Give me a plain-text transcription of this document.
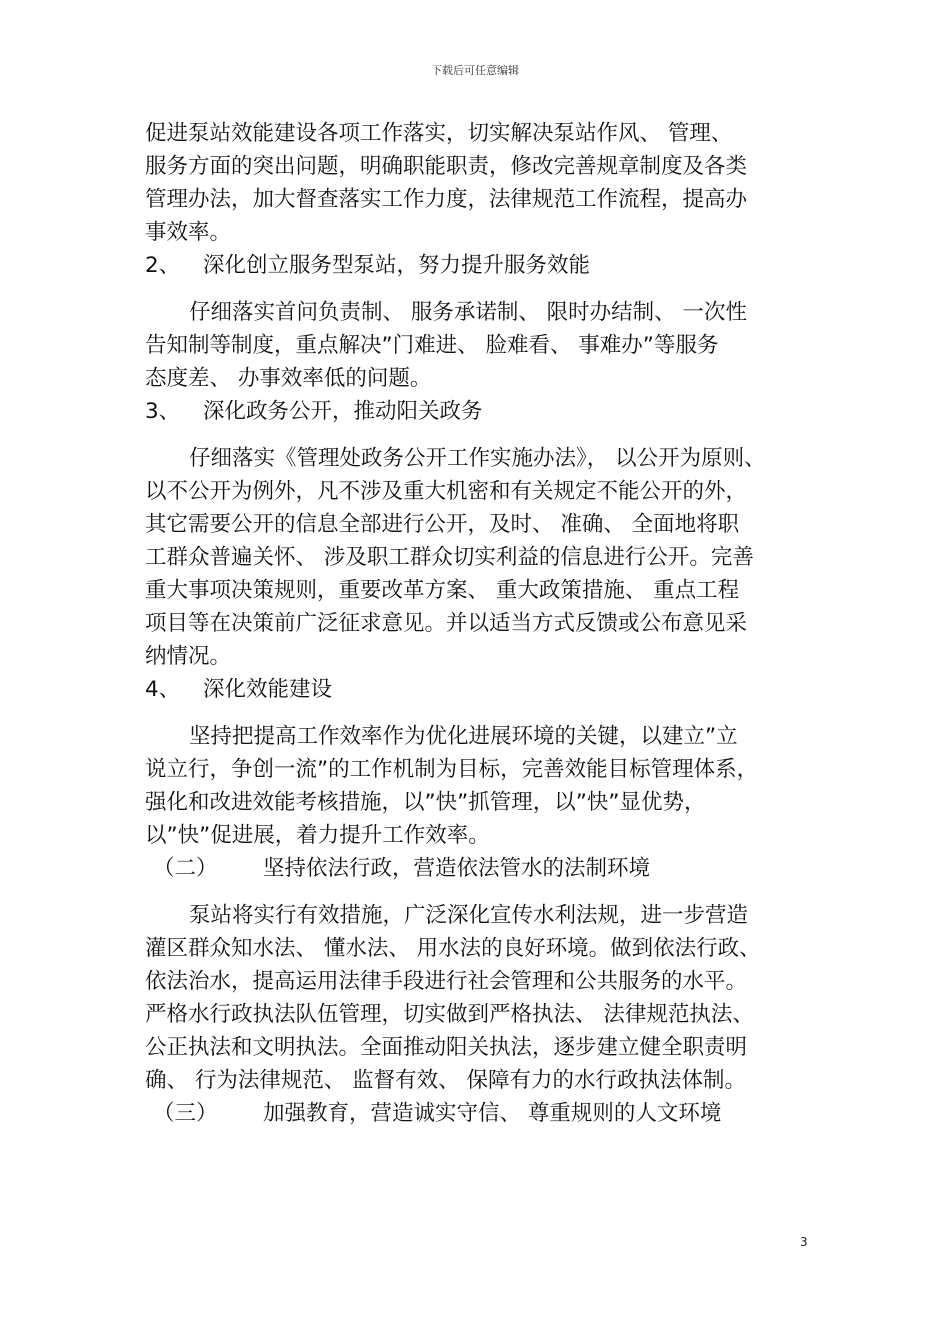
下载后可任意编辑
促进泵站效能建设各项工作落实，切实解决泵站作风、 管理、
服务方面的突出问题，明确职能职责，修改完善规章制度及各类
管理办法，加大督查落实工作力度，法律规范工作流程，提高办
事效率。
2、	深化创立服务型泵站，努力提升服务效能
仔细落实首问负责制、 服务承诺制、 限时办结制、 一次性
告知制等制度，重点解决”门难进、 脸难看、 事难办”等服务
态度差、 办事效率低的问题。
3、	深化政务公开，推动阳关政务
仔细落实《管理处政务公开工作实施办法》， 以公开为原则、
以不公开为例外，凡不涉及重大机密和有关规定不能公开的外，
其它需要公开的信息全部进行公开，及时、 准确、 全面地将职
工群众普遍关怀、 涉及职工群众切实利益的信息进行公开。完善
重大事项决策规则，重要改革方案、 重大政策措施、 重点工程
项目等在决策前广泛征求意见。并以适当方式反馈或公布意见采
纳情况。
4、	深化效能建设
坚持把提高工作效率作为优化进展环境的关键，以建立”立
说立行，争创一流”的工作机制为目标，完善效能目标管理体系，
强化和改进效能考核措施，以”快”抓管理，以”快”显优势，
以”快”促进展，着力提升工作效率。
（二）	坚持依法行政，营造依法管水的法制环境
泵站将实行有效措施，广泛深化宣传水利法规，进一步营造
灌区群众知水法、 懂水法、 用水法的良好环境。做到依法行政、
依法治水，提高运用法律手段进行社会管理和公共服务的水平。
严格水行政执法队伍管理，切实做到严格执法、 法律规范执法、
公正执法和文明执法。全面推动阳关执法，逐步建立健全职责明
确、 行为法律规范、 监督有效、 保障有力的水行政执法体制。
（三）	加强教育，营造诚实守信、 尊重规则的人文环境
3
